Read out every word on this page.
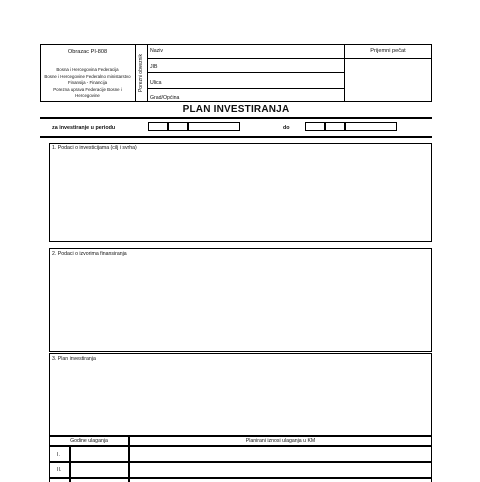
Obrazac PI-808
Bosna i Hercegovina Federacija
Bosne i Hercegovine Federalno ministarstvo
Finansija - Financija
Porezna uprava Federacije Bosne i
Hercegovine
Porezni obveznik
Naziv
JIB
Ulica
Grad/Općina
Prijemni pečat
PLAN INVESTIRANJA
za investiranje u periodu	do
1. Podaci o investicijama (cilj i svrha)
2. Podaci o izvorima finansiranja
3. Plan investiranja
Godine ulaganja	Planirani iznosi ulaganja u KM
I.
II.
